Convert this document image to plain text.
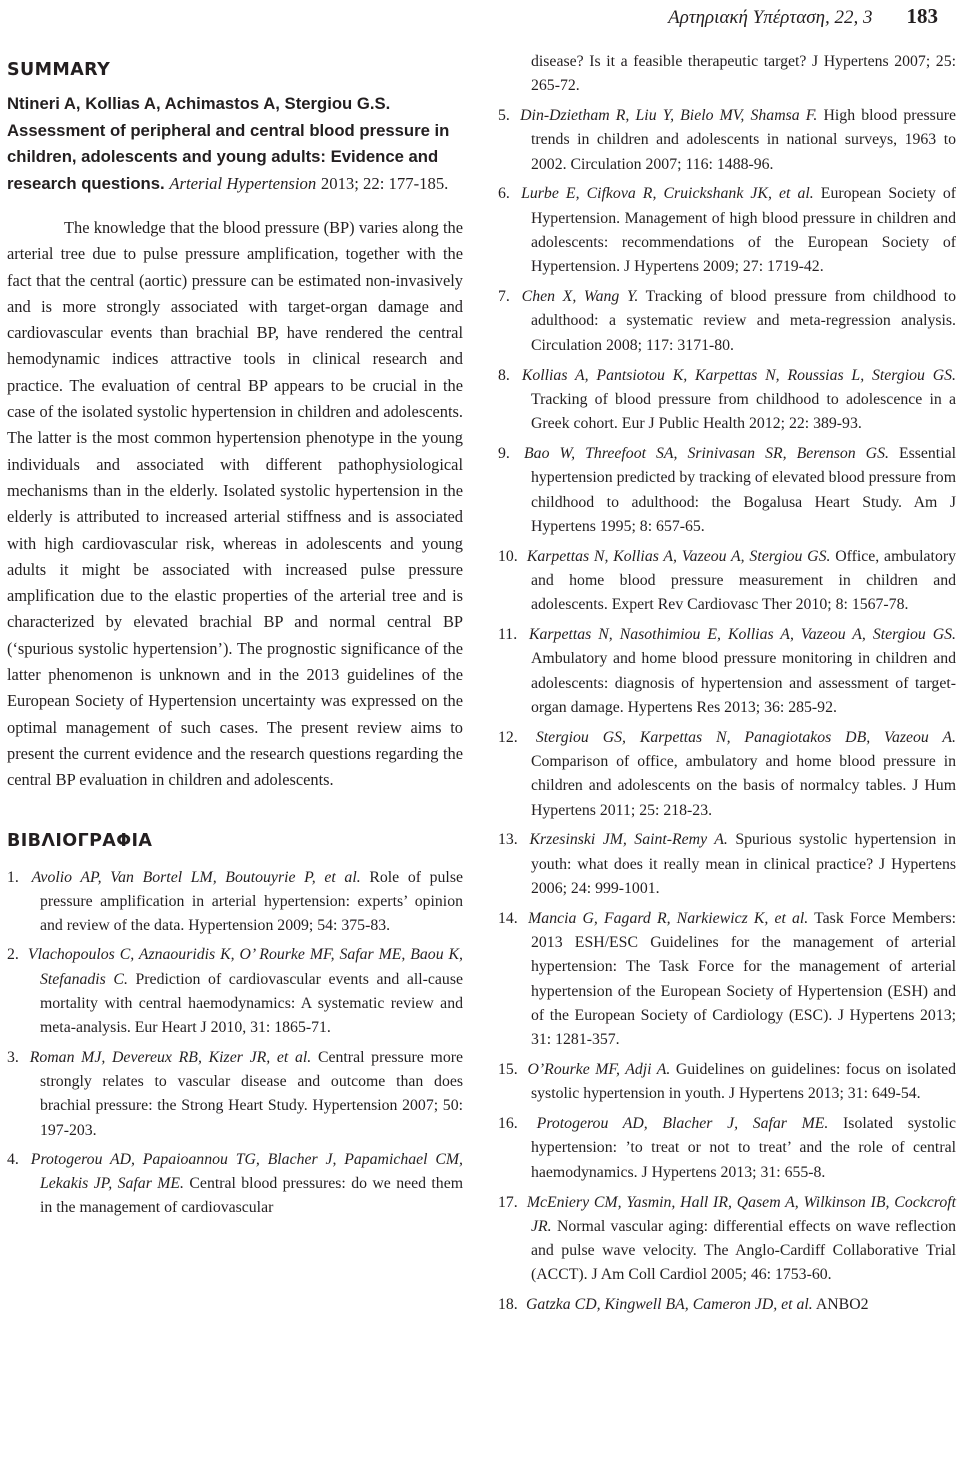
Αρτηριακή Υπέρταση, 22, 3 183
SUMMARY

Ntineri A, Kollias A, Achimastos A, Stergiou G.S. Assessment of peripheral and central blood pressure in children, adolescents and young adults: Evidence and research questions. Arterial Hypertension 2013; 22: 177-185.

The knowledge that the blood pressure (BP) varies along the arterial tree due to pulse pressure amplification, together with the fact that the central (aortic) pressure can be estimated non-invasively and is more strongly associated with target-organ damage and cardiovascular events than brachial BP, have rendered the central hemodynamic indices attractive tools in clinical research and practice. The evaluation of central BP appears to be crucial in the case of the isolated systolic hypertension in children and adolescents. The latter is the most common hypertension phenotype in the young individuals and associated with different pathophysiological mechanisms than in the elderly. Isolated systolic hypertension in the elderly is attributed to increased arterial stiffness and is associated with high cardiovascular risk, whereas in adolescents and young adults it might be associated with increased pulse pressure amplification due to the elastic properties of the arterial tree and is characterized by elevated brachial BP and normal central BP (‘spurious systolic hypertension’). The prognostic significance of the latter phenomenon is unknown and in the 2013 guidelines of the European Society of Hypertension uncertainty was expressed on the optimal management of such cases. The present review aims to present the current evidence and the research questions regarding the central BP evaluation in children and adolescents.

ΒΙΒΛΙΟΓΡΑΦΙΑ
1. Avolio AP, Van Bortel LM, Boutouyrie P, et al. Role of pulse pressure amplification in arterial hypertension: experts’ opinion and review of the data. Hypertension 2009; 54: 375-83.
2. Vlachopoulos C, Aznaouridis K, O’ Rourke MF, Safar ME, Baou K, Stefanadis C. Prediction of cardiovascular events and all-cause mortality with central haemodynamics: A systematic review and meta-analysis. Eur Heart J 2010, 31: 1865-71.
3. Roman MJ, Devereux RB, Kizer JR, et al. Central pressure more strongly relates to vascular disease and outcome than does brachial pressure: the Strong Heart Study. Hypertension 2007; 50: 197-203.
4. Protogerou AD, Papaioannou TG, Blacher J, Papamichael CM, Lekakis JP, Safar ME. Central blood pressures: do we need them in the management of cardiovascular
disease? Is it a feasible therapeutic target? J Hypertens 2007; 25: 265-72.
5. Din-Dzietham R, Liu Y, Bielo MV, Shamsa F. High blood pressure trends in children and adolescents in national surveys, 1963 to 2002. Circulation 2007; 116: 1488-96.
6. Lurbe E, Cifkova R, Cruickshank JK, et al. European Society of Hypertension. Management of high blood pressure in children and adolescents: recommendations of the European Society of Hypertension. J Hypertens 2009; 27: 1719-42.
7. Chen X, Wang Y. Tracking of blood pressure from childhood to adulthood: a systematic review and meta-regression analysis. Circulation 2008; 117: 3171-80.
8. Kollias A, Pantsiotou K, Karpettas N, Roussias L, Stergiou GS. Tracking of blood pressure from childhood to adolescence in a Greek cohort. Eur J Public Health 2012; 22: 389-93.
9. Bao W, Threefoot SA, Srinivasan SR, Berenson GS. Essential hypertension predicted by tracking of elevated blood pressure from childhood to adulthood: the Bogalusa Heart Study. Am J Hypertens 1995; 8: 657-65.
10. Karpettas N, Kollias A, Vazeou A, Stergiou GS. Office, ambulatory and home blood pressure measurement in children and adolescents. Expert Rev Cardiovasc Ther 2010; 8: 1567-78.
11. Karpettas N, Nasothimiou E, Kollias A, Vazeou A, Stergiou GS. Ambulatory and home blood pressure monitoring in children and adolescents: diagnosis of hypertension and assessment of target-organ damage. Hypertens Res 2013; 36: 285-92.
12. Stergiou GS, Karpettas N, Panagiotakos DB, Vazeou A. Comparison of office, ambulatory and home blood pressure in children and adolescents on the basis of normalcy tables. J Hum Hypertens 2011; 25: 218-23.
13. Krzesinski JM, Saint-Remy A. Spurious systolic hypertension in youth: what does it really mean in clinical practice? J Hypertens 2006; 24: 999-1001.
14. Mancia G, Fagard R, Narkiewicz K, et al. Task Force Members: 2013 ESH/ESC Guidelines for the management of arterial hypertension: The Task Force for the management of arterial hypertension of the European Society of Hypertension (ESH) and of the European Society of Cardiology (ESC). J Hypertens 2013; 31: 1281-357.
15. O’Rourke MF, Adji A. Guidelines on guidelines: focus on isolated systolic hypertension in youth. J Hypertens 2013; 31: 649-54.
16. Protogerou AD, Blacher J, Safar ME. Isolated systolic hypertension: ’to treat or not to treat’ and the role of central haemodynamics. J Hypertens 2013; 31: 655-8.
17. McEniery CM, Yasmin, Hall IR, Qasem A, Wilkinson IB, Cockcroft JR. Normal vascular aging: differential effects on wave reflection and pulse wave velocity. The Anglo-Cardiff Collaborative Trial (ACCT). J Am Coll Cardiol 2005; 46: 1753-60.
18. Gatzka CD, Kingwell BA, Cameron JD, et al. ANBO2
